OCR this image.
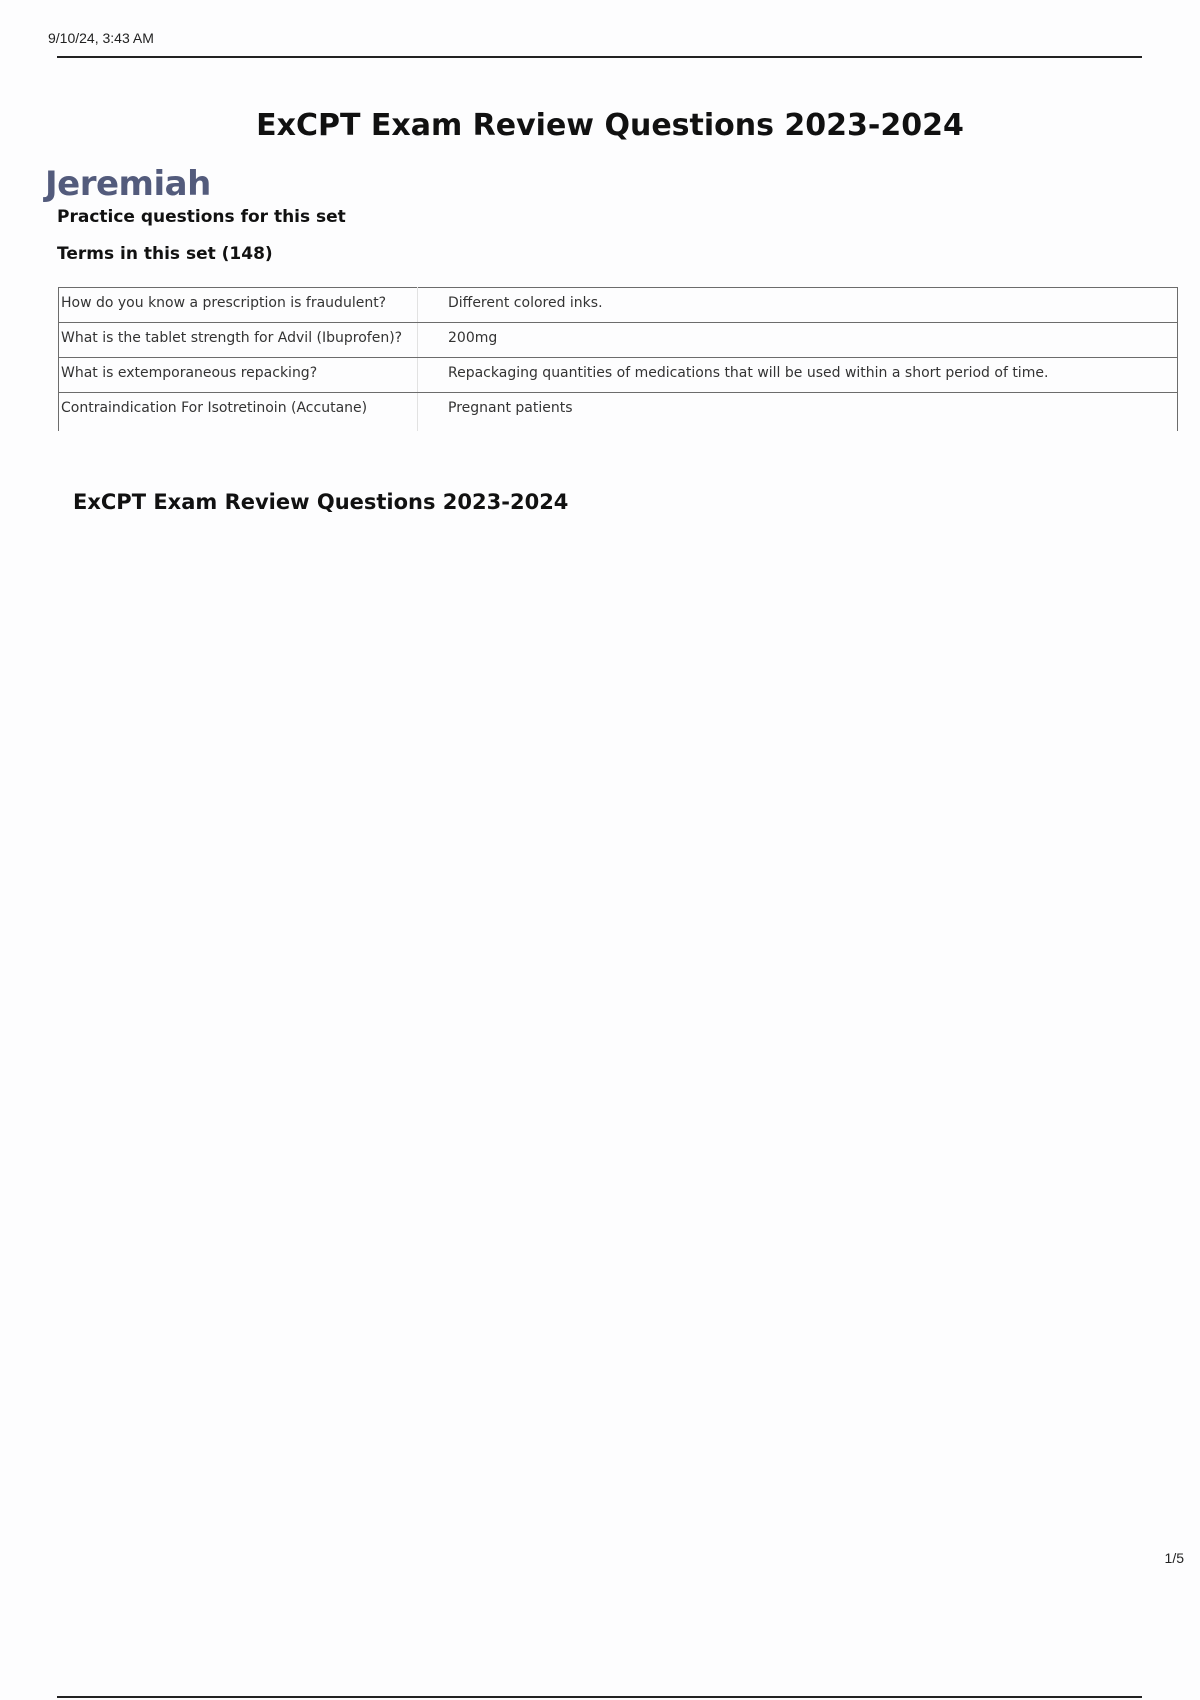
9/10/24, 3:43 AM
ExCPT Exam Review Questions 2023-2024
Jeremiah
Practice questions for this set
Terms in this set (148)
How do you know a prescription is fraudulent?	Different colored inks.
What is the tablet strength for Advil (Ibuprofen)?	200mg
What is extemporaneous repacking?	Repackaging quantities of medications that will be used within a short period of time.
Contraindication For Isotretinoin (Accutane)	Pregnant patients
ExCPT Exam Review Questions 2023-2024
1/5
